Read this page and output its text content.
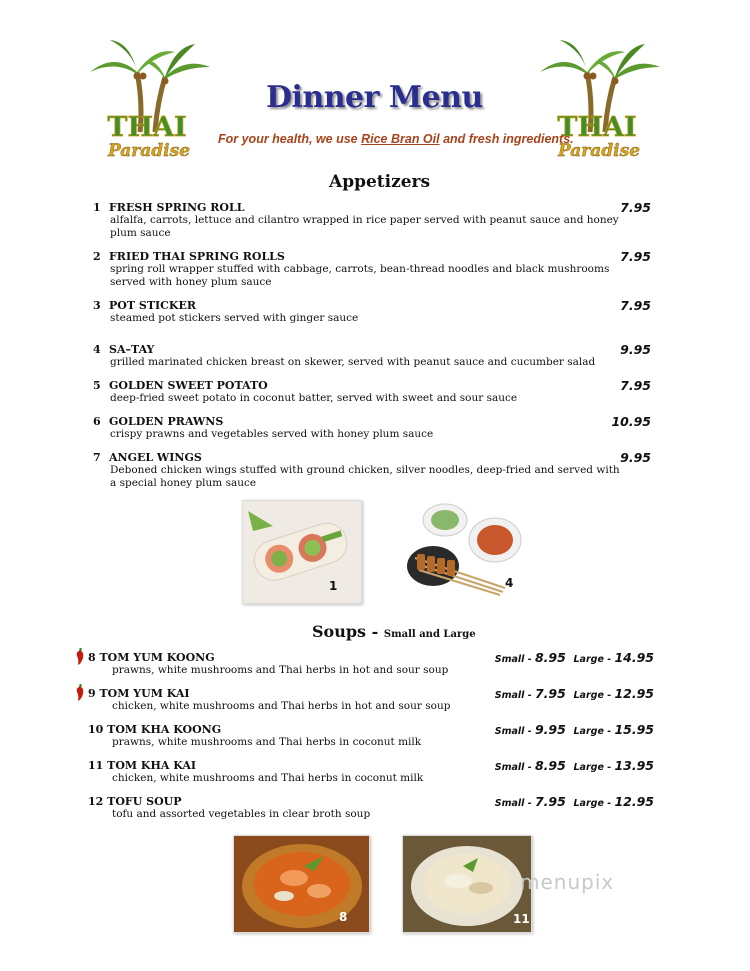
THAI
Paradise
THAI
Paradise
Dinner Menu
For your health, we use Rice Bran Oil and fresh ingredients.
Appetizers
1 FRESH SPRING ROLL
alfalfa, carrots, lettuce and cilantro wrapped in rice paper served with peanut sauce and honey plum sauce
7.95
2 FRIED THAI SPRING ROLLS
spring roll wrapper stuffed with cabbage, carrots, bean-thread noodles and black mushrooms served with honey plum sauce
7.95
3 POT STICKER
steamed pot stickers served with ginger sauce
7.95
4 SA–TAY
grilled marinated chicken breast on skewer, served with peanut sauce and cucumber salad
9.95
5 GOLDEN SWEET POTATO
deep-fried sweet potato in coconut batter, served with sweet and sour sauce
7.95
6 GOLDEN PRAWNS
crispy prawns and vegetables served with honey plum sauce
10.95
7 ANGEL WINGS
Deboned chicken wings stuffed with ground chicken, silver noodles, deep-fried and served with a special honey plum sauce
9.95
1	4
Soups - Small and Large
8 TOM YUM KOONG
prawns, white mushrooms and Thai herbs in hot and sour soup
Small - 8.95 Large - 14.95
9 TOM YUM KAI
chicken, white mushrooms and Thai herbs in hot and sour soup
Small - 7.95 Large - 12.95
10 TOM KHA KOONG
prawns, white mushrooms and Thai herbs in coconut milk
Small - 9.95 Large - 15.95
11 TOM KHA KAI
chicken, white mushrooms and Thai herbs in coconut milk
Small - 8.95 Large - 13.95
12 TOFU SOUP
tofu and assorted vegetables in clear broth soup
Small - 7.95 Large - 12.95
8	11
menupix
